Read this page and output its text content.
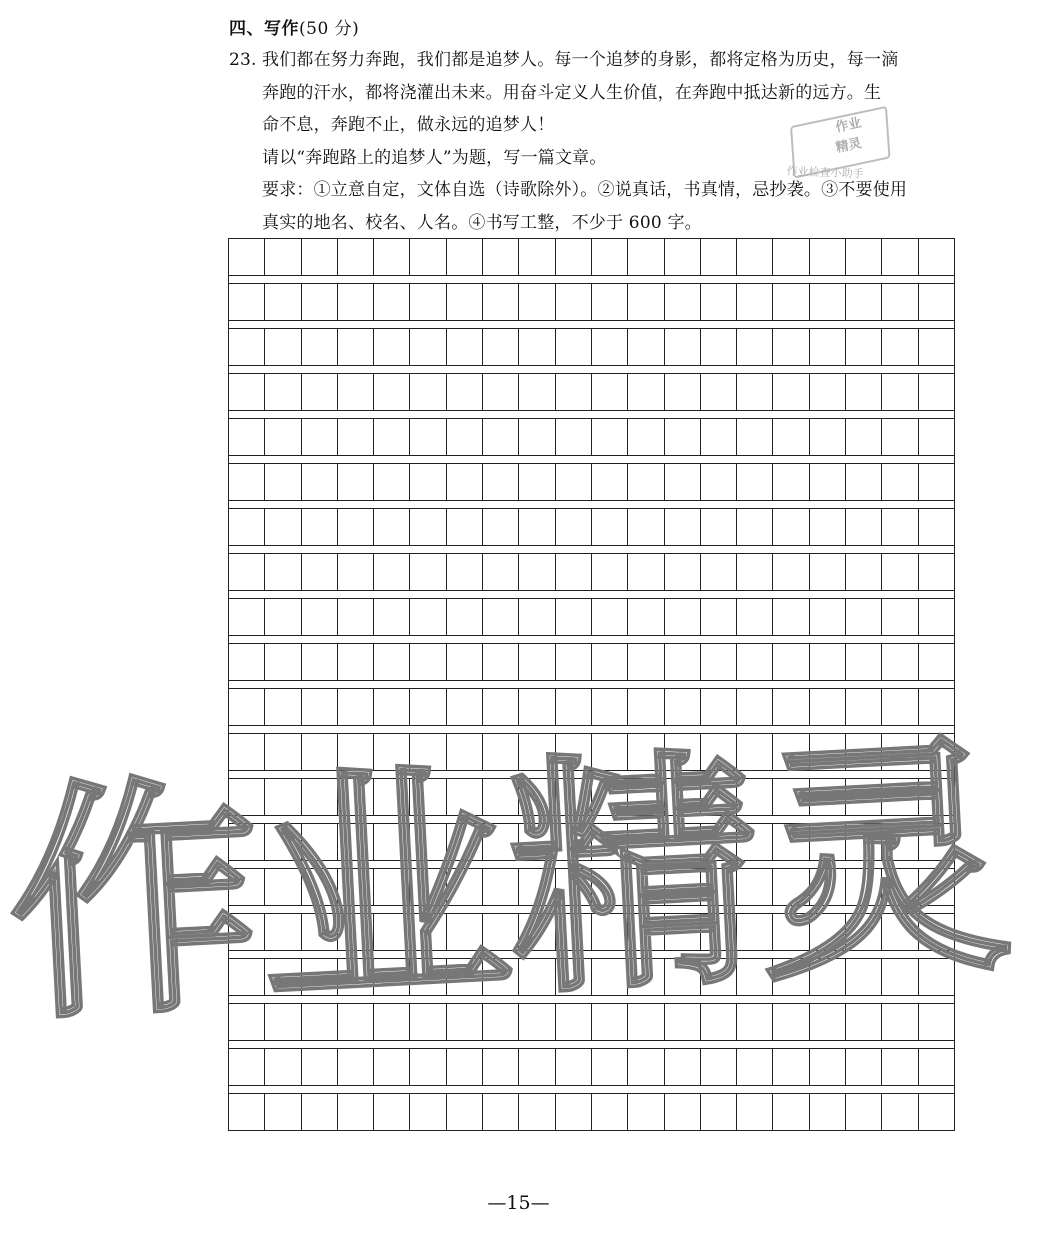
四、写作(50 分)
23. 我们都在努力奔跑，我们都是追梦人。每一个追梦的身影，都将定格为历史，每一滴
奔跑的汗水，都将浇灌出未来。用奋斗定义人生价值，在奔跑中抵达新的远方。生
命不息，奔跑不止，做永远的追梦人！
请以“奔跑路上的追梦人”为题，写一篇文章。
要求：①立意自定，文体自选（诗歌除外）。②说真话，书真情，忌抄袭。③不要使用
真实的地名、校名、人名。④书写工整，不少于 600 字。
作业
精灵
作业检查小助手
作业精灵
—15—
